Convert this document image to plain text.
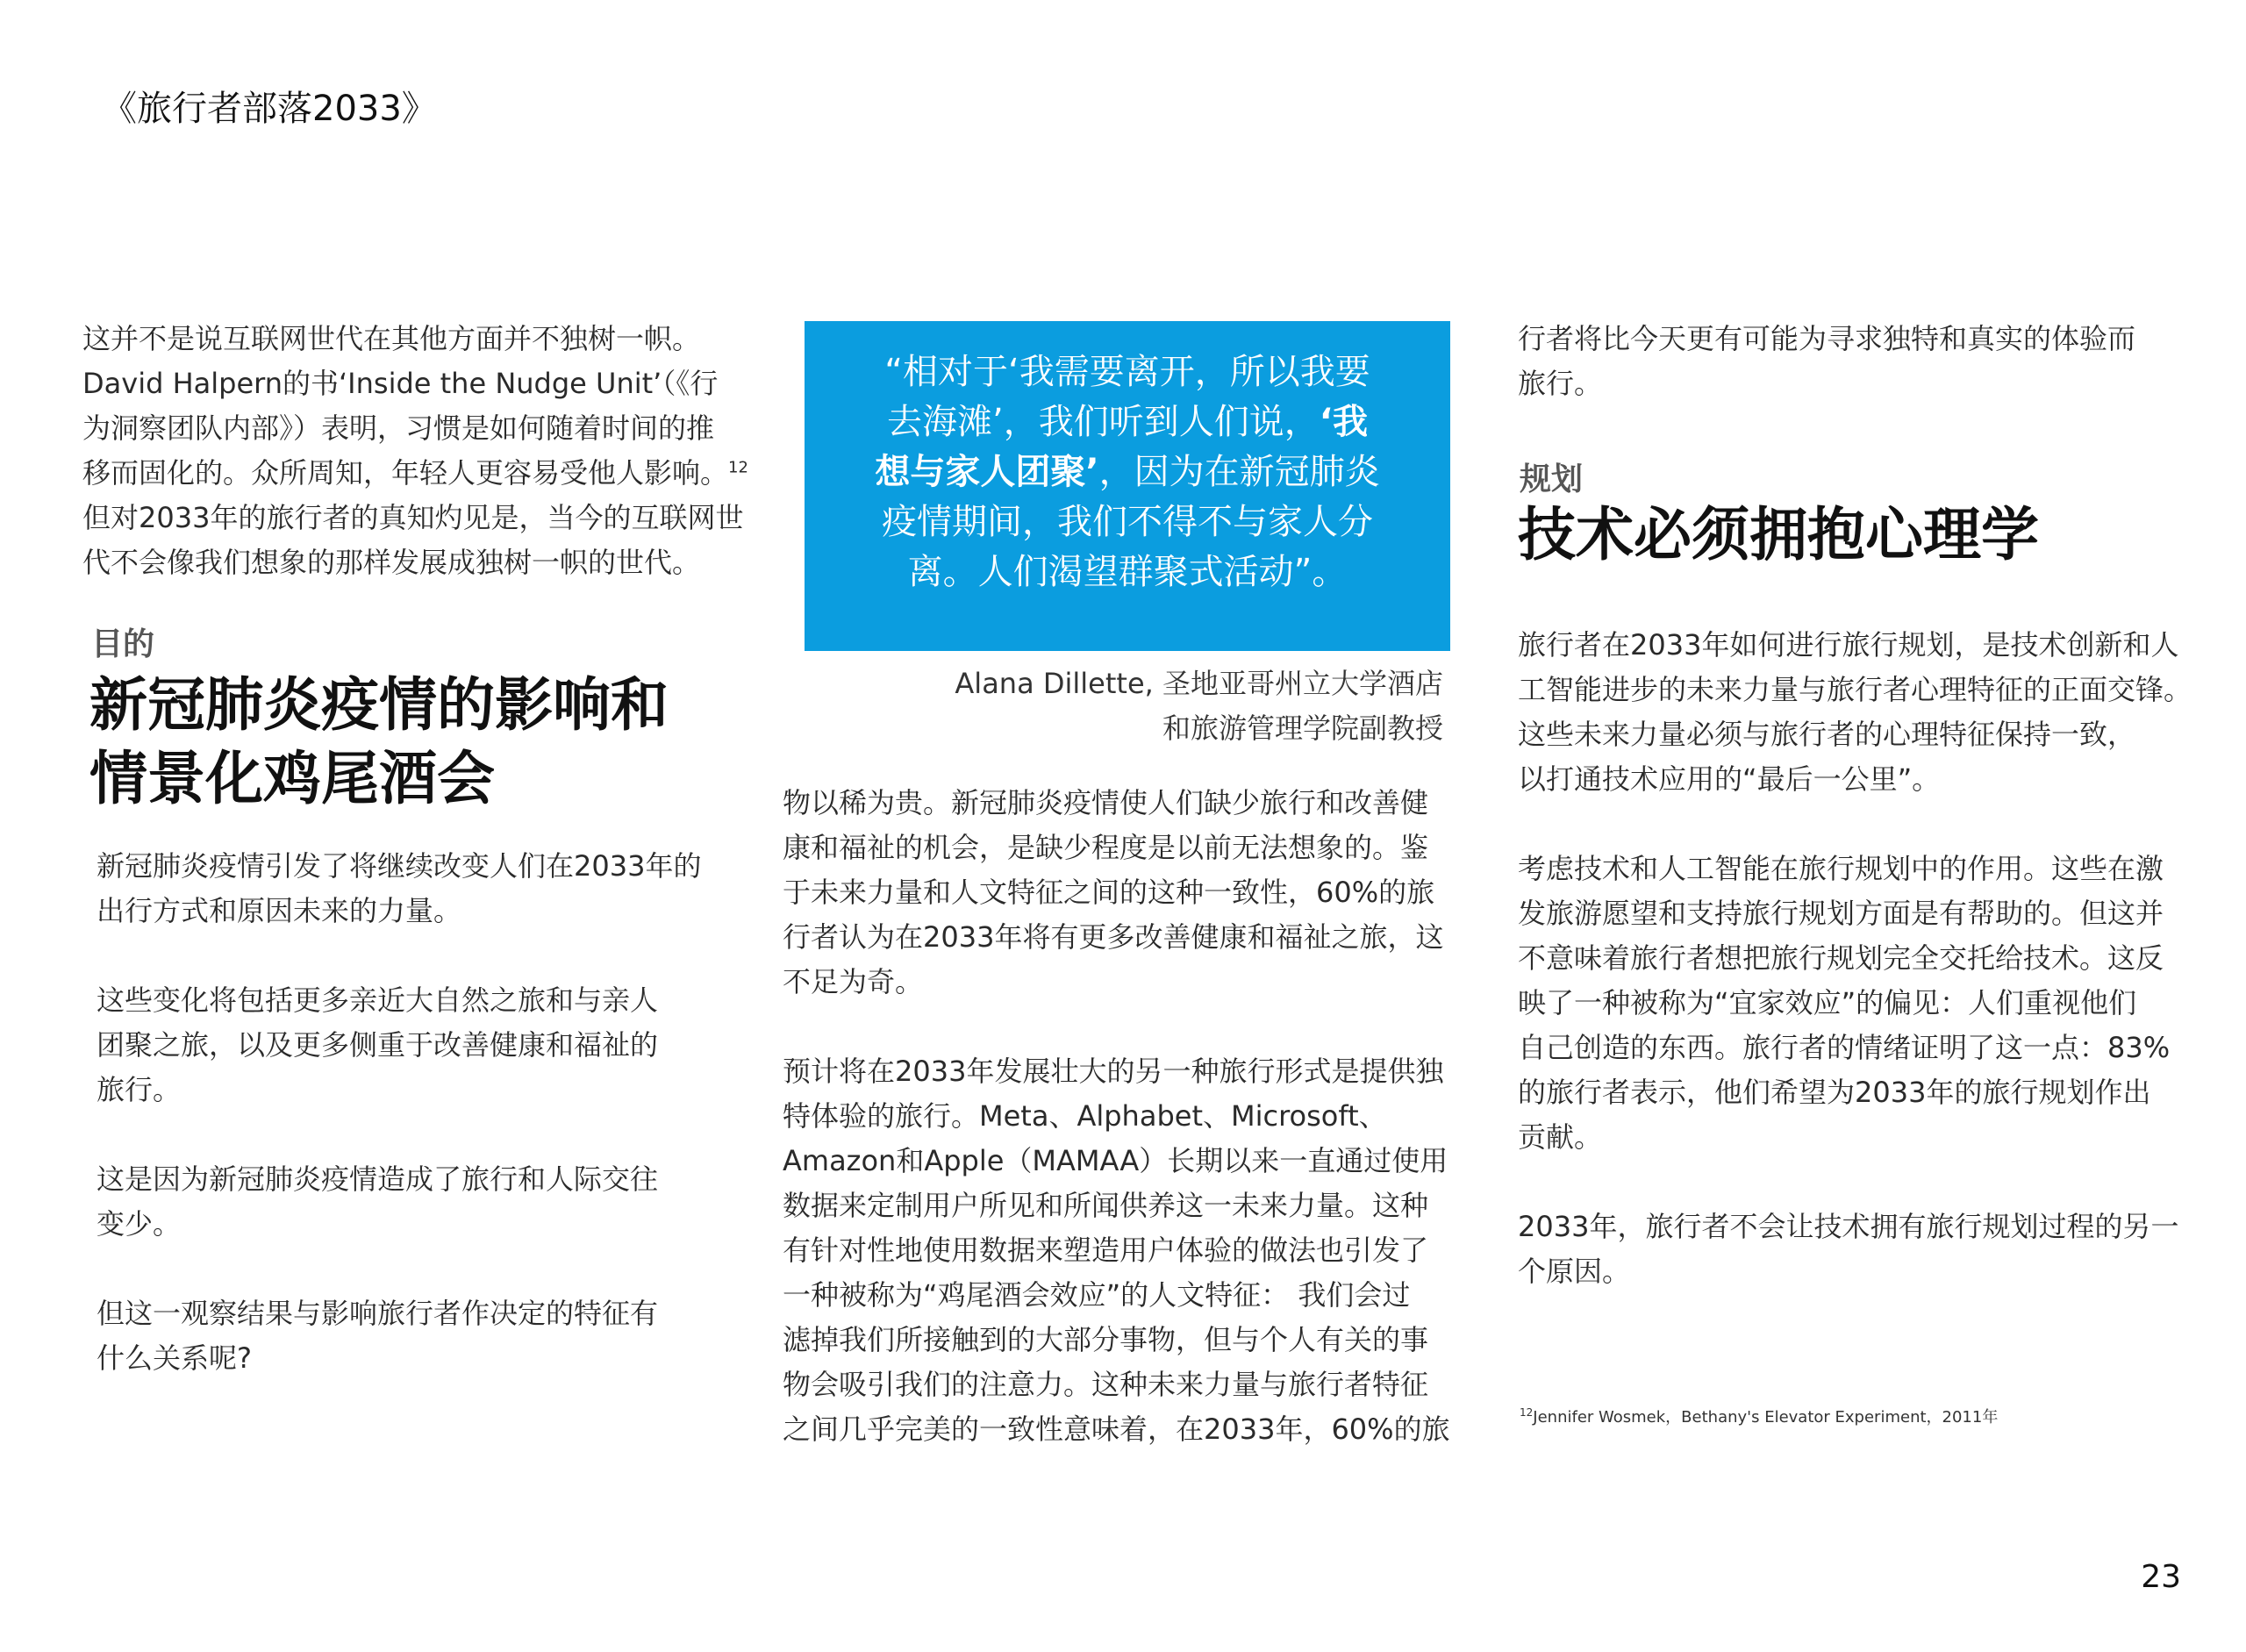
《旅行者部落2033》

这并不是说互联网世代在其他方面并不独树一帜。

David Halpern的书‘Inside the Nudge Unit’（《行

为洞察团队内部》）表明，习惯是如何随着时间的推

移而固化的。众所周知，年轻人更容易受他人影响。$^{12}$

但对2033年的旅行者的真知灼见是，当今的互联网世

代不会像我们想象的那样发展成独树一帜的世代。

目的
新冠肺炎疫情的影响和
情景化鸡尾酒会

新冠肺炎疫情引发了将继续改变人们在2033年的

出行方式和原因未来的力量。

这些变化将包括更多亲近大自然之旅和与亲人

团聚之旅，以及更多侧重于改善健康和福祉的

旅行。

这是因为新冠肺炎疫情造成了旅行和人际交往

变少。

但这一观察结果与影响旅行者作决定的特征有

什么关系呢?

“相对于‘我需要离开，所以我要
去海滩’，我们听到人们说，‘我
想与家人团聚’，因为在新冠肺炎
疫情期间，我们不得不与家人分
离。人们渴望群聚式活动”。
Alana Dillette, 圣地亚哥州立大学酒店
和旅游管理学院副教授

物以稀为贵。新冠肺炎疫情使人们缺少旅行和改善健

康和福祉的机会，是缺少程度是以前无法想象的。鉴

于未来力量和人文特征之间的这种一致性，60%的旅

行者认为在2033年将有更多改善健康和福祉之旅，这

不足为奇。

预计将在2033年发展壮大的另一种旅行形式是提供独

特体验的旅行。Meta、Alphabet、Microsoft、

Amazon和Apple（MAMAA）长期以来一直通过使用

数据来定制用户所见和所闻供养这一未来力量。这种

有针对性地使用数据来塑造用户体验的做法也引发了

一种被称为“鸡尾酒会效应”的人文特征： 我们会过

滤掉我们所接触到的大部分事物，但与个人有关的事

物会吸引我们的注意力。这种未来力量与旅行者特征

之间几乎完美的一致性意味着，在2033年，60%的旅

行者将比今天更有可能为寻求独特和真实的体验而

旅行。

规划
技术必须拥抱心理学

旅行者在2033年如何进行旅行规划，是技术创新和人

工智能进步的未来力量与旅行者心理特征的正面交锋。

这些未来力量必须与旅行者的心理特征保持一致，

以打通技术应用的“最后一公里”。

考虑技术和人工智能在旅行规划中的作用。这些在激

发旅游愿望和支持旅行规划方面是有帮助的。但这并

不意味着旅行者想把旅行规划完全交托给技术。这反

映了一种被称为“宜家效应”的偏见：人们重视他们

自己创造的东西。旅行者的情绪证明了这一点：83%

的旅行者表示，他们希望为2033年的旅行规划作出

贡献。

2033年，旅行者不会让技术拥有旅行规划过程的另一

个原因。

$^{12}$Jennifer Wosmek，Bethany's Elevator Experiment，2011年
23
